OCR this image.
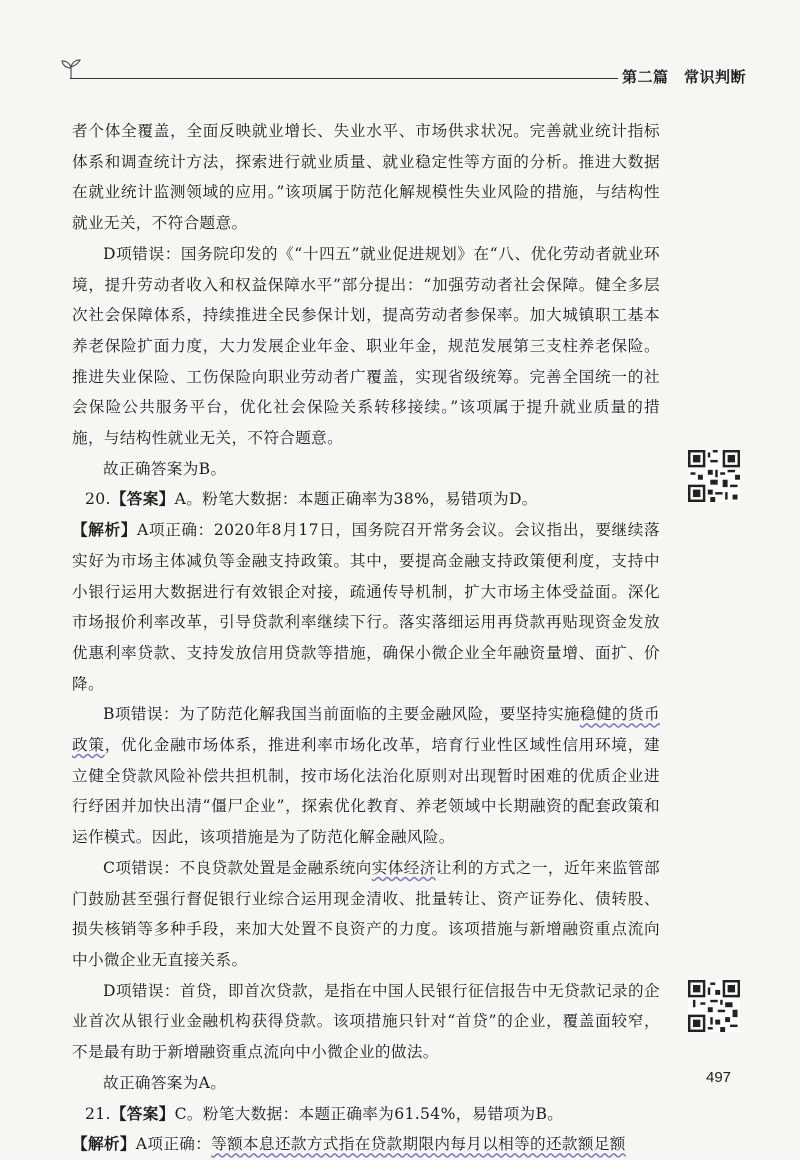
第二篇　常识判断

者个体全覆盖，全面反映就业增长、失业水平、市场供求状况。完善就业统计指标体系和调查统计方法，探索进行就业质量、就业稳定性等方面的分析。推进大数据在就业统计监测领域的应用。”该项属于防范化解规模性失业风险的措施，与结构性就业无关，不符合题意。

D项错误：国务院印发的《“十四五”就业促进规划》在“八、优化劳动者就业环境，提升劳动者收入和权益保障水平”部分提出：“加强劳动者社会保障。健全多层次社会保障体系，持续推进全民参保计划，提高劳动者参保率。加大城镇职工基本养老保险扩面力度，大力发展企业年金、职业年金，规范发展第三支柱养老保险。推进失业保险、工伤保险向职业劳动者广覆盖，实现省级统筹。完善全国统一的社会保险公共服务平台，优化社会保险关系转移接续。”该项属于提升就业质量的措施，与结构性就业无关，不符合题意。

故正确答案为B。

20.【答案】A。粉笔大数据：本题正确率为38%，易错项为D。

【解析】A项正确：2020年8月17日，国务院召开常务会议。会议指出，要继续落实好为市场主体减负等金融支持政策。其中，要提高金融支持政策便利度，支持中小银行运用大数据进行有效银企对接，疏通传导机制，扩大市场主体受益面。深化市场报价利率改革，引导贷款利率继续下行。落实落细运用再贷款再贴现资金发放优惠利率贷款、支持发放信用贷款等措施，确保小微企业全年融资量增、面扩、价降。

B项错误：为了防范化解我国当前面临的主要金融风险，要坚持实施稳健的货币政策，优化金融市场体系，推进利率市场化改革，培育行业性区域性信用环境，建立健全贷款风险补偿共担机制，按市场化法治化原则对出现暂时困难的优质企业进行纾困并加快出清“僵尸企业”，探索优化教育、养老领域中长期融资的配套政策和运作模式。因此，该项措施是为了防范化解金融风险。

C项错误：不良贷款处置是金融系统向实体经济让利的方式之一，近年来监管部门鼓励甚至强行督促银行业综合运用现金清收、批量转让、资产证券化、债转股、损失核销等多种手段，来加大处置不良资产的力度。该项措施与新增融资重点流向中小微企业无直接关系。

D项错误：首贷，即首次贷款，是指在中国人民银行征信报告中无贷款记录的企业首次从银行业金融机构获得贷款。该项措施只针对“首贷”的企业，覆盖面较窄，不是最有助于新增融资重点流向中小微企业的做法。

故正确答案为A。

21.【答案】C。粉笔大数据：本题正确率为61.54%，易错项为B。

【解析】A项正确：等额本息还款方式指在贷款期限内每月以相等的还款额足额

497
